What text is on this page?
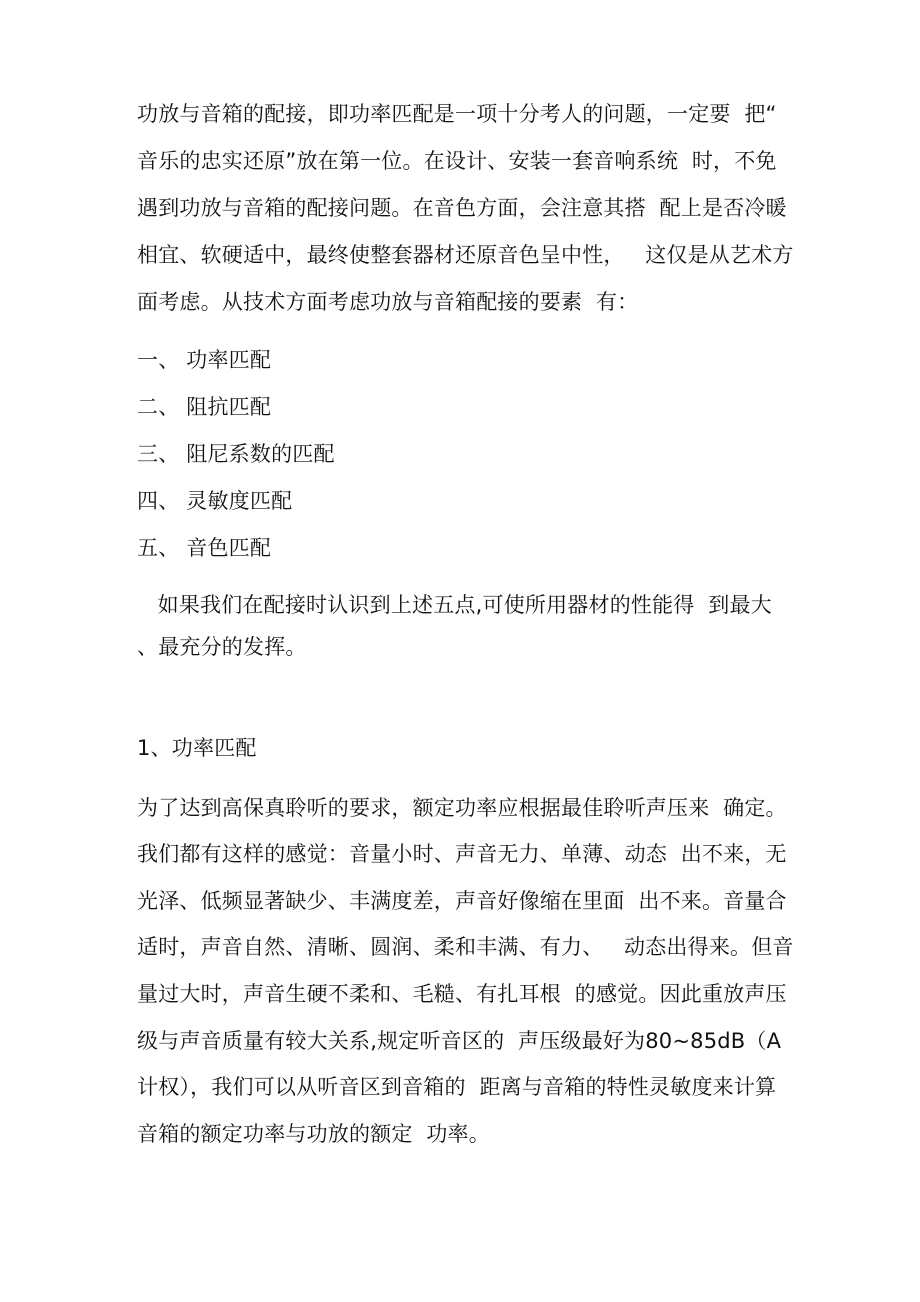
功放与音箱的配接，即功率匹配是一项十分考人的问题，一定要  把“
音乐的忠实还原”放在第一位。在设计、安装一套音响系统  时，不免
遇到功放与音箱的配接问题。在音色方面，会注意其搭  配上是否冷暖
相宜、软硬适中，最终使整套器材还原音色呈中性，   这仅是从艺术方
面考虑。从技术方面考虑功放与音箱配接的要素  有：
一、 功率匹配
二、 阻抗匹配
三、 阻尼系数的匹配
四、 灵敏度匹配
五、 音色匹配
如果我们在配接时认识到上述五点,可使所用器材的性能得  到最大
、最充分的发挥。
1、功率匹配
为了达到高保真聆听的要求，额定功率应根据最佳聆听声压来  确定。
我们都有这样的感觉：音量小时、声音无力、单薄、动态  出不来，无
光泽、低频显著缺少、丰满度差，声音好像缩在里面  出不来。音量合
适时，声音自然、清晰、圆润、柔和丰满、有力、   动态出得来。但音
量过大时，声音生硬不柔和、毛糙、有扎耳根  的感觉。因此重放声压
级与声音质量有较大关系,规定听音区的  声压级最好为80~85dB（A
计权），我们可以从听音区到音箱的  距离与音箱的特性灵敏度来计算
音箱的额定功率与功放的额定  功率。
